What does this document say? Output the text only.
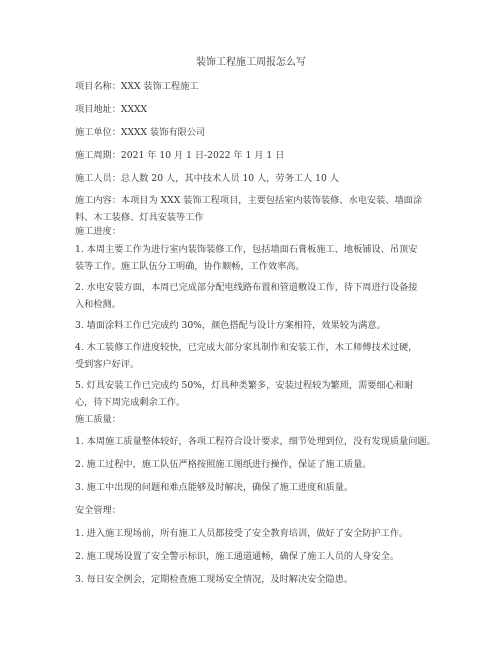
装饰工程施工周报怎么写
项目名称：XXX 装饰工程施工
项目地址：XXXX
施工单位：XXXX 装饰有限公司
施工周期：2021 年 10 月 1 日-2022 年 1 月 1 日
施工人员：总人数 20 人，其中技术人员 10 人，劳务工人 10 人
施工内容：本项目为 XXX 装饰工程项目，主要包括室内装饰装修、水电安装、墙面涂料、木工装修、灯具安装等工作
施工进度：
1. 本周主要工作为进行室内装饰装修工作，包括墙面石膏板施工、地板铺设、吊顶安装等工作。施工队伍分工明确，协作顺畅，工作效率高。
2. 水电安装方面，本周已完成部分配电线路布置和管道敷设工作，待下周进行设备接入和检测。
3. 墙面涂料工作已完成约 30%，颜色搭配与设计方案相符，效果较为满意。
4. 木工装修工作进度较快，已完成大部分家具制作和安装工作，木工师傅技术过硬，受到客户好评。
5. 灯具安装工作已完成约 50%，灯具种类繁多，安装过程较为繁琐，需要细心和耐心，待下周完成剩余工作。
施工质量：
1. 本周施工质量整体较好，各项工程符合设计要求，细节处理到位，没有发现质量问题。
2. 施工过程中，施工队伍严格按照施工图纸进行操作，保证了施工质量。
3. 施工中出现的问题和难点能够及时解决，确保了施工进度和质量。
安全管理：
1. 进入施工现场前，所有施工人员都接受了安全教育培训，做好了安全防护工作。
2. 施工现场设置了安全警示标识，施工通道通畅，确保了施工人员的人身安全。
3. 每日安全例会，定期检查施工现场安全情况，及时解决安全隐患。
